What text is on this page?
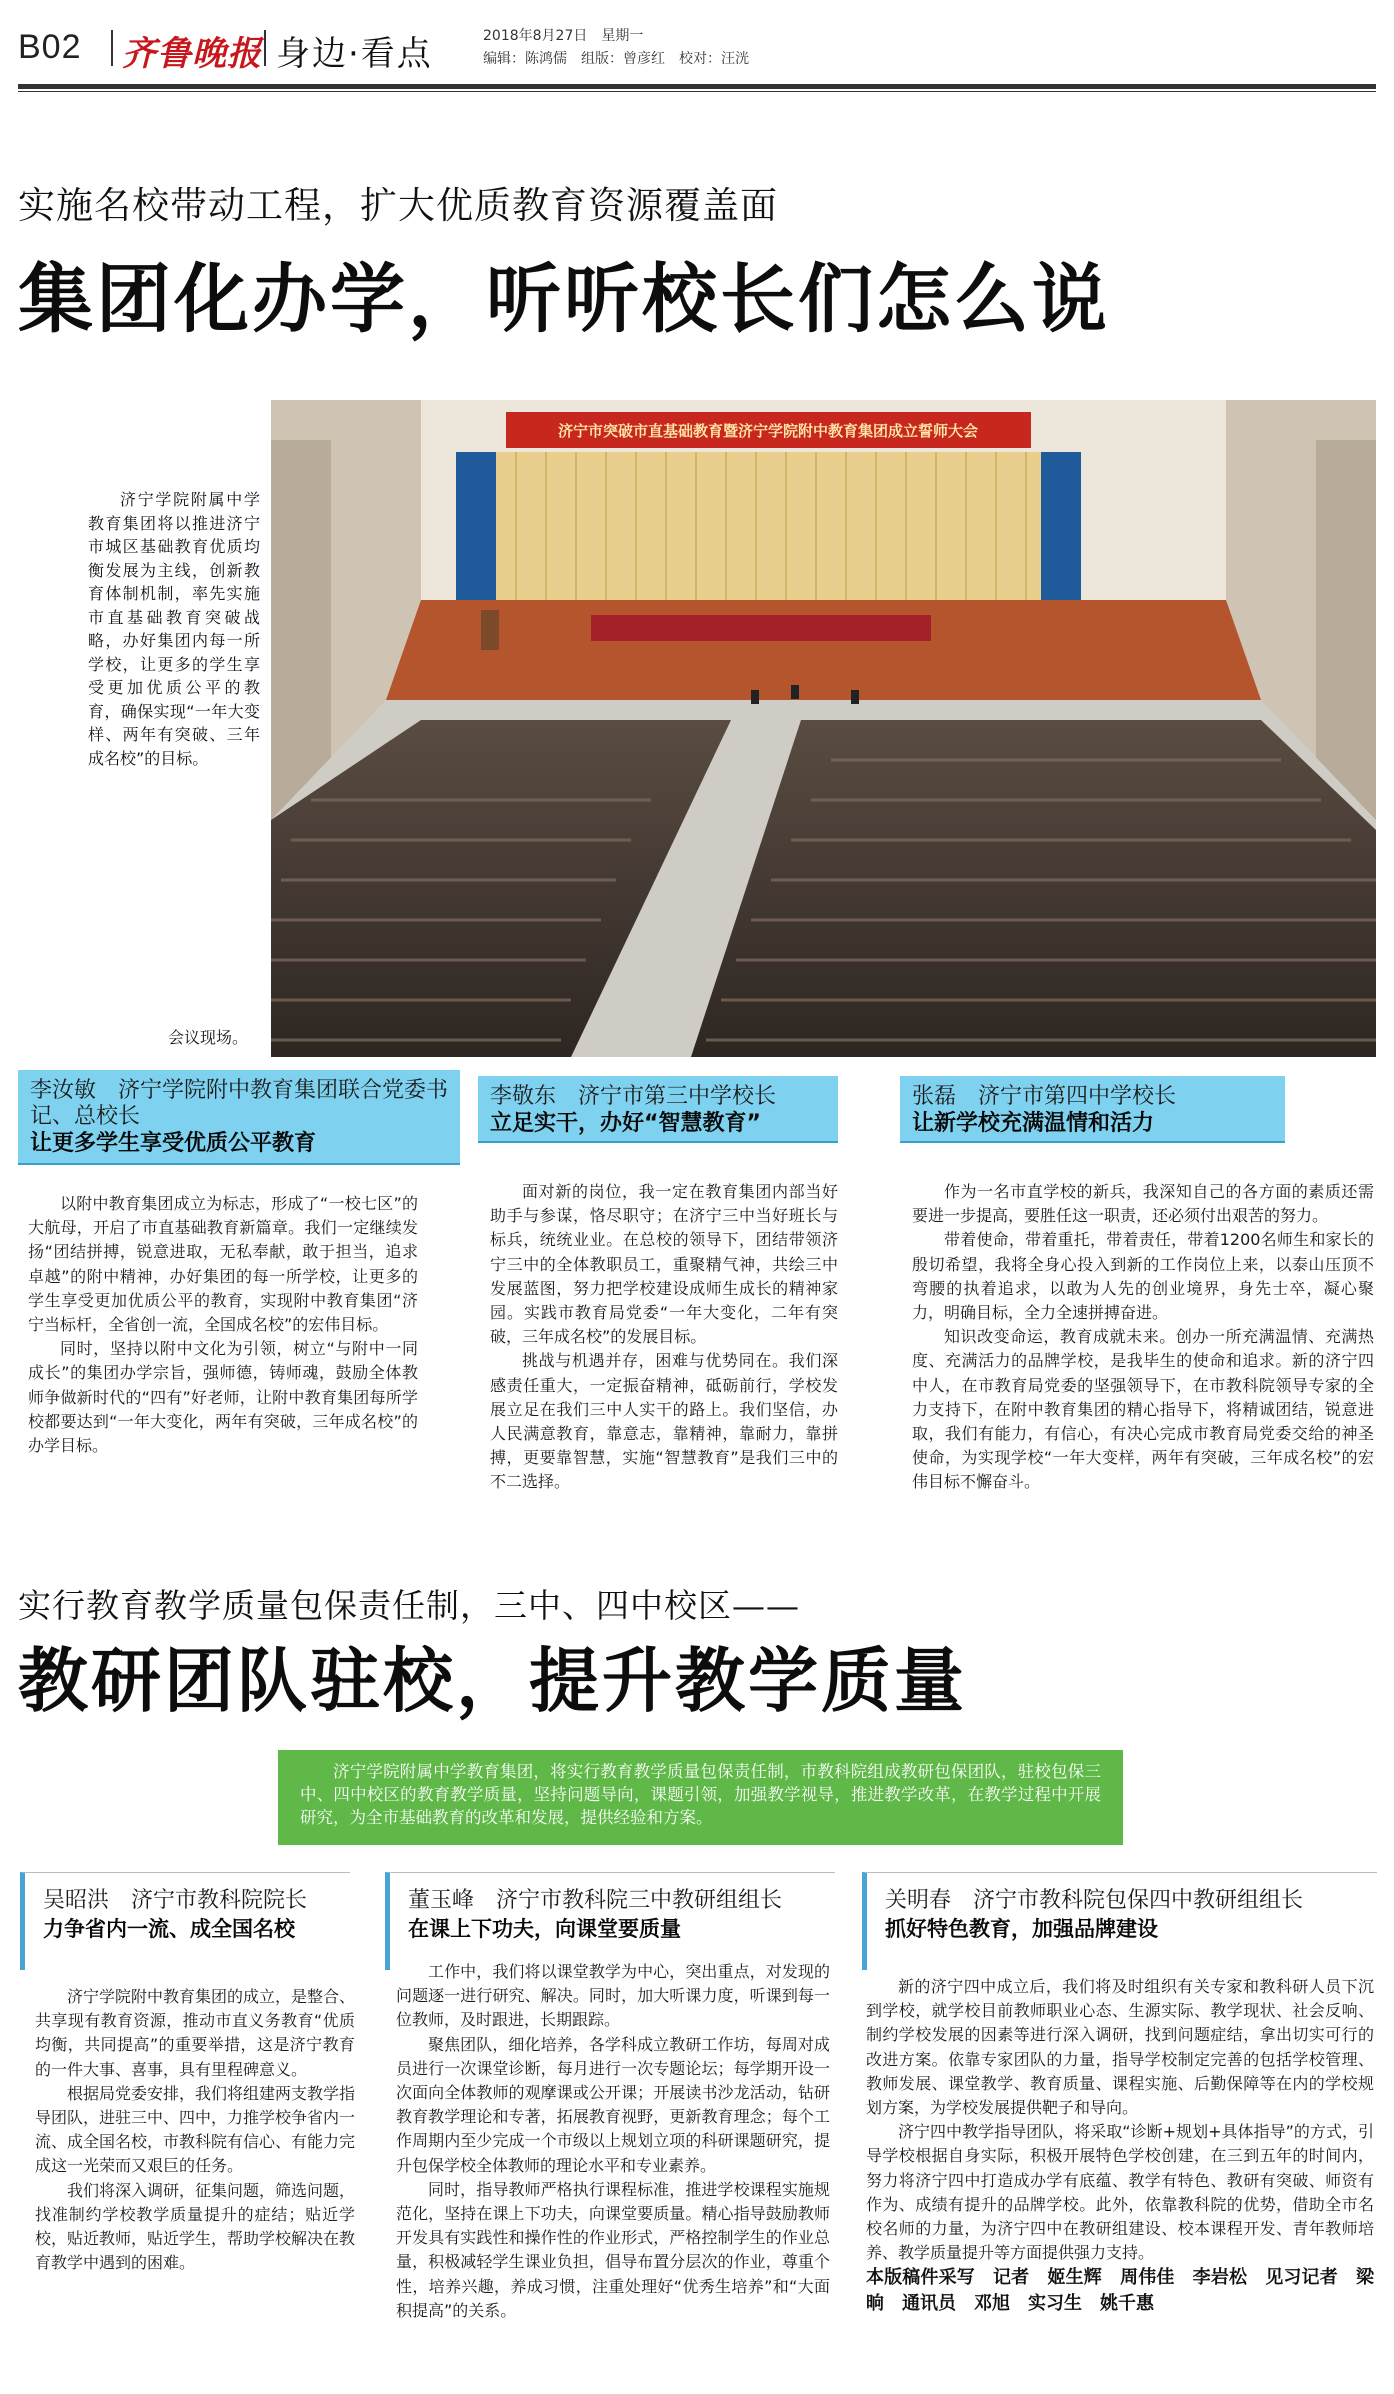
B02 齐鲁晚报 身边·看点	2018年8月27日　星期一
编辑：陈鸿儒　组版：曾彦红　校对：汪洸
实施名校带动工程，扩大优质教育资源覆盖面
集团化办学，听听校长们怎么说
济宁市突破市直基础教育暨济宁学院附中教育集团成立誓师大会
济宁学院附属中学教育集团将以推进济宁市城区基础教育优质均衡发展为主线，创新教育体制机制，率先实施市直基础教育突破战略，办好集团内每一所学校，让更多的学生享受更加优质公平的教育，确保实现“一年大变样、两年有突破、三年成名校”的目标。
会议现场。
李汝敏　济宁学院附中教育集团联合党委书记、总校长
让更多学生享受优质公平教育

以附中教育集团成立为标志，形成了“一校七区”的大航母，开启了市直基础教育新篇章。我们一定继续发扬“团结拼搏，锐意进取，无私奉献，敢于担当，追求卓越”的附中精神，办好集团的每一所学校，让更多的学生享受更加优质公平的教育，实现附中教育集团“济宁当标杆，全省创一流，全国成名校”的宏伟目标。

同时，坚持以附中文化为引领，树立“与附中一同成长”的集团办学宗旨，强师德，铸师魂，鼓励全体教师争做新时代的“四有”好老师，让附中教育集团每所学校都要达到“一年大变化，两年有突破，三年成名校”的办学目标。

李敬东　济宁市第三中学校长
立足实干，办好“智慧教育”

面对新的岗位，我一定在教育集团内部当好助手与参谋，恪尽职守；在济宁三中当好班长与标兵，统统业业。在总校的领导下，团结带领济宁三中的全体教职员工，重聚精气神，共绘三中发展蓝图，努力把学校建设成师生成长的精神家园。实践市教育局党委“一年大变化，二年有突破，三年成名校”的发展目标。

挑战与机遇并存，困难与优势同在。我们深感责任重大，一定振奋精神，砥砺前行，学校发展立足在我们三中人实干的路上。我们坚信，办人民满意教育，靠意志，靠精神，靠耐力，靠拼搏，更要靠智慧，实施“智慧教育”是我们三中的不二选择。

张磊　济宁市第四中学校长
让新学校充满温情和活力

作为一名市直学校的新兵，我深知自己的各方面的素质还需要进一步提高，要胜任这一职责，还必须付出艰苦的努力。

带着使命，带着重托，带着责任，带着1200名师生和家长的殷切希望，我将全身心投入到新的工作岗位上来，以泰山压顶不弯腰的执着追求，以敢为人先的创业境界，身先士卒，凝心聚力，明确目标，全力全速拼搏奋进。

知识改变命运，教育成就未来。创办一所充满温情、充满热度、充满活力的品牌学校，是我毕生的使命和追求。新的济宁四中人，在市教育局党委的坚强领导下，在市教科院领导专家的全力支持下，在附中教育集团的精心指导下，将精诚团结，锐意进取，我们有能力，有信心，有决心完成市教育局党委交给的神圣使命，为实现学校“一年大变样，两年有突破，三年成名校”的宏伟目标不懈奋斗。

实行教育教学质量包保责任制，三中、四中校区——
教研团队驻校，提升教学质量
济宁学院附属中学教育集团，将实行教育教学质量包保责任制，市教科院组成教研包保团队，驻校包保三中、四中校区的教育教学质量，坚持问题导向，课题引领，加强教学视导，推进教学改革，在教学过程中开展研究，为全市基础教育的改革和发展，提供经验和方案。
吴昭洪　济宁市教科院院长
力争省内一流、成全国名校

济宁学院附中教育集团的成立，是整合、共享现有教育资源，推动市直义务教育“优质均衡，共同提高”的重要举措，这是济宁教育的一件大事、喜事，具有里程碑意义。

根据局党委安排，我们将组建两支教学指导团队，进驻三中、四中，力推学校争省内一流、成全国名校，市教科院有信心、有能力完成这一光荣而又艰巨的任务。

我们将深入调研，征集问题，筛选问题，找准制约学校教学质量提升的症结；贴近学校，贴近教师，贴近学生，帮助学校解决在教育教学中遇到的困难。

董玉峰　济宁市教科院三中教研组组长
在课上下功夫，向课堂要质量

工作中，我们将以课堂教学为中心，突出重点，对发现的问题逐一进行研究、解决。同时，加大听课力度，听课到每一位教师，及时跟进，长期跟踪。

聚焦团队，细化培养，各学科成立教研工作坊，每周对成员进行一次课堂诊断，每月进行一次专题论坛；每学期开设一次面向全体教师的观摩课或公开课；开展读书沙龙活动，钻研教育教学理论和专著，拓展教育视野，更新教育理念；每个工作周期内至少完成一个市级以上规划立项的科研课题研究，提升包保学校全体教师的理论水平和专业素养。

同时，指导教师严格执行课程标准，推进学校课程实施规范化，坚持在课上下功夫，向课堂要质量。精心指导鼓励教师开发具有实践性和操作性的作业形式，严格控制学生的作业总量，积极减轻学生课业负担，倡导布置分层次的作业，尊重个性，培养兴趣，养成习惯，注重处理好“优秀生培养”和“大面积提高”的关系。

关明春　济宁市教科院包保四中教研组组长
抓好特色教育，加强品牌建设

新的济宁四中成立后，我们将及时组织有关专家和教科研人员下沉到学校，就学校目前教师职业心态、生源实际、教学现状、社会反响、制约学校发展的因素等进行深入调研，找到问题症结，拿出切实可行的改进方案。依靠专家团队的力量，指导学校制定完善的包括学校管理、教师发展、课堂教学、教育质量、课程实施、后勤保障等在内的学校规划方案，为学校发展提供靶子和导向。

济宁四中教学指导团队，将采取“诊断+规划+具体指导”的方式，引导学校根据自身实际，积极开展特色学校创建，在三到五年的时间内，努力将济宁四中打造成办学有底蕴、教学有特色、教研有突破、师资有作为、成绩有提升的品牌学校。此外，依靠教科院的优势，借助全市名校名师的力量，为济宁四中在教研组建设、校本课程开发、青年教师培养、教学质量提升等方面提供强力支持。

本版稿件采写　记者　姬生辉　周伟佳　李岩松　见习记者　梁晌　通讯员　邓旭　实习生　姚千惠
